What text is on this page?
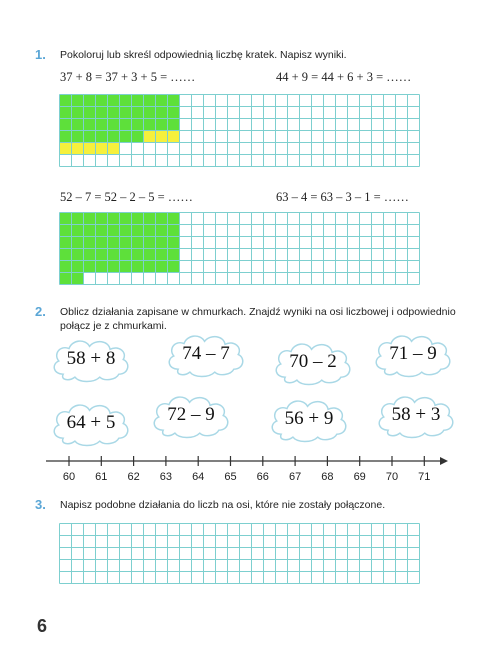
1. Pokoloruj lub skreśl odpowiednią liczbę kratek. Napisz wyniki.
37 + 8 = 37 + 3 + 5 = ……	44 + 9 = 44 + 6 + 3 = ……
52 – 7 = 52 – 2 – 5 = ……	63 – 4 = 63 – 3 – 1 = ……
2. Oblicz działania zapisane w chmurkach. Znajdź wyniki na osi liczbowej i odpowiednio
połącz je z chmurkami.
58 + 8	74 – 7	70 – 2	71 – 9
64 + 5	72 – 9	56 + 9	58 + 3
60 61 62 63 64 65 66 67 68 69 70 71
3. Napisz podobne działania do liczb na osi, które nie zostały połączone.
6
